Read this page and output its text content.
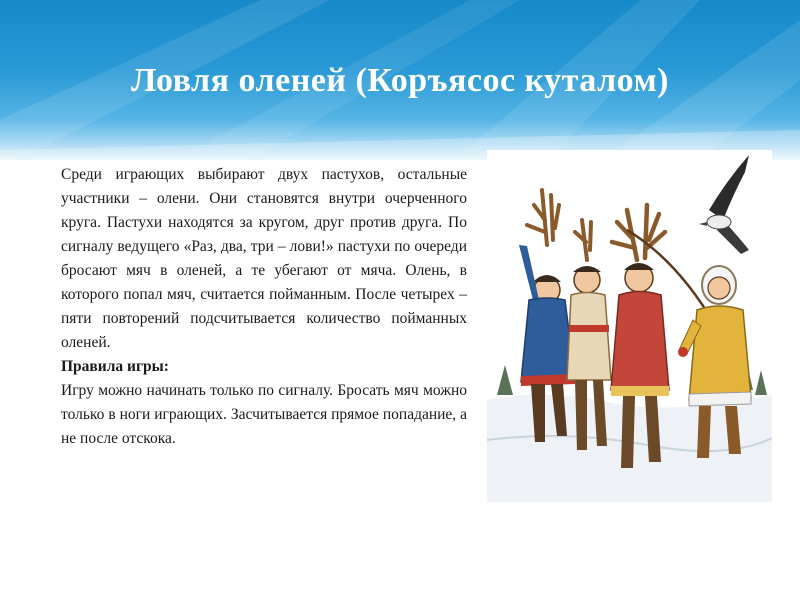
Ловля оленей (Коръясос куталом)

Среди играющих выбирают двух пастухов, остальные участники – олени. Они становятся внутри очерченного круга. Пастухи находятся за кругом, друг против друга. По сигналу ведущего «Раз, два, три – лови!» пастухи по очереди бросают мяч в оленей, а те убегают от мяча. Олень, в которого попал мяч, считается пойманным. После четырех – пяти повторений подсчитывается количество пойманных оленей.

Правила игры:

Игру можно начинать только по сигналу. Бросать мяч можно только в ноги играющих. Засчитывается прямое попадание, а не после отскока.
